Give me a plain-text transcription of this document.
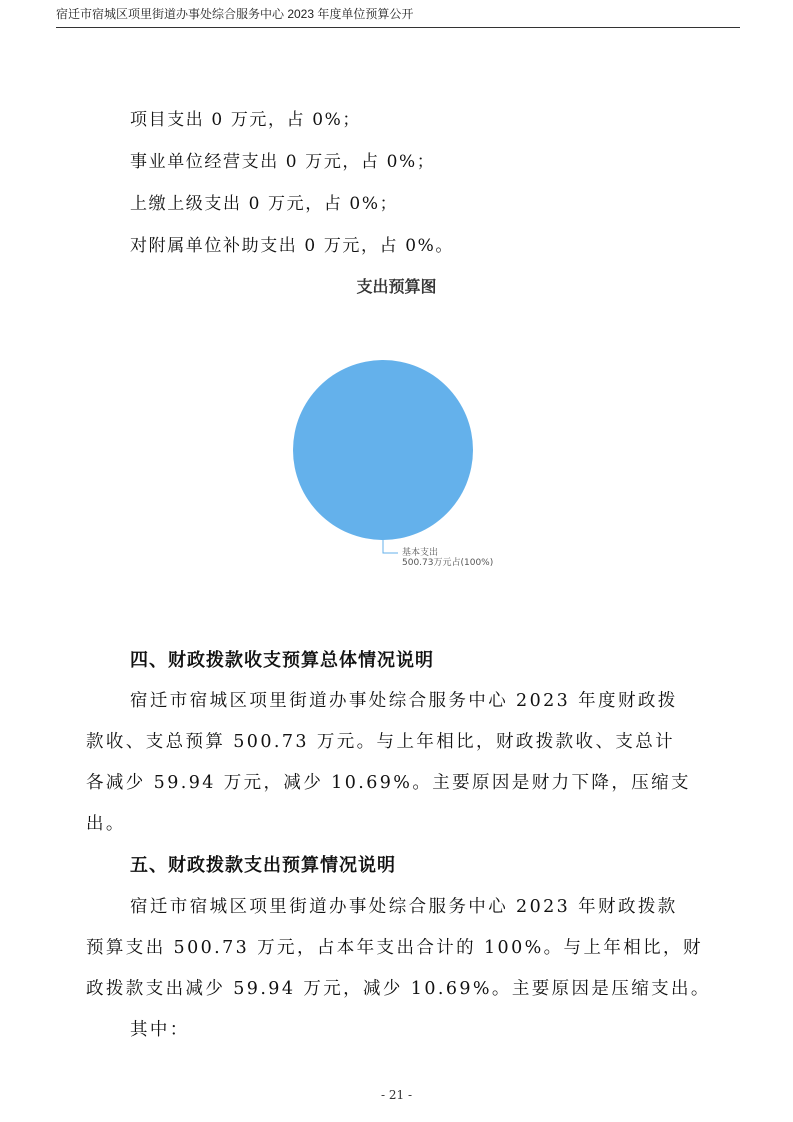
宿迁市宿城区项里街道办事处综合服务中心 2023 年度单位预算公开
项目支出 0 万元，占 0%；
事业单位经营支出 0 万元，占 0%；
上缴上级支出 0 万元，占 0%；
对附属单位补助支出 0 万元，占 0%。
支出预算图
基本支出
500.73万元占(100%)
四、财政拨款收支预算总体情况说明
宿迁市宿城区项里街道办事处综合服务中心 2023 年度财政拨
款收、支总预算 500.73 万元。与上年相比，财政拨款收、支总计
各减少 59.94 万元，减少 10.69%。主要原因是财力下降，压缩支
出。
五、财政拨款支出预算情况说明
宿迁市宿城区项里街道办事处综合服务中心 2023 年财政拨款
预算支出 500.73 万元，占本年支出合计的 100%。与上年相比，财
政拨款支出减少 59.94 万元，减少 10.69%。主要原因是压缩支出。
其中：
- 21 -
